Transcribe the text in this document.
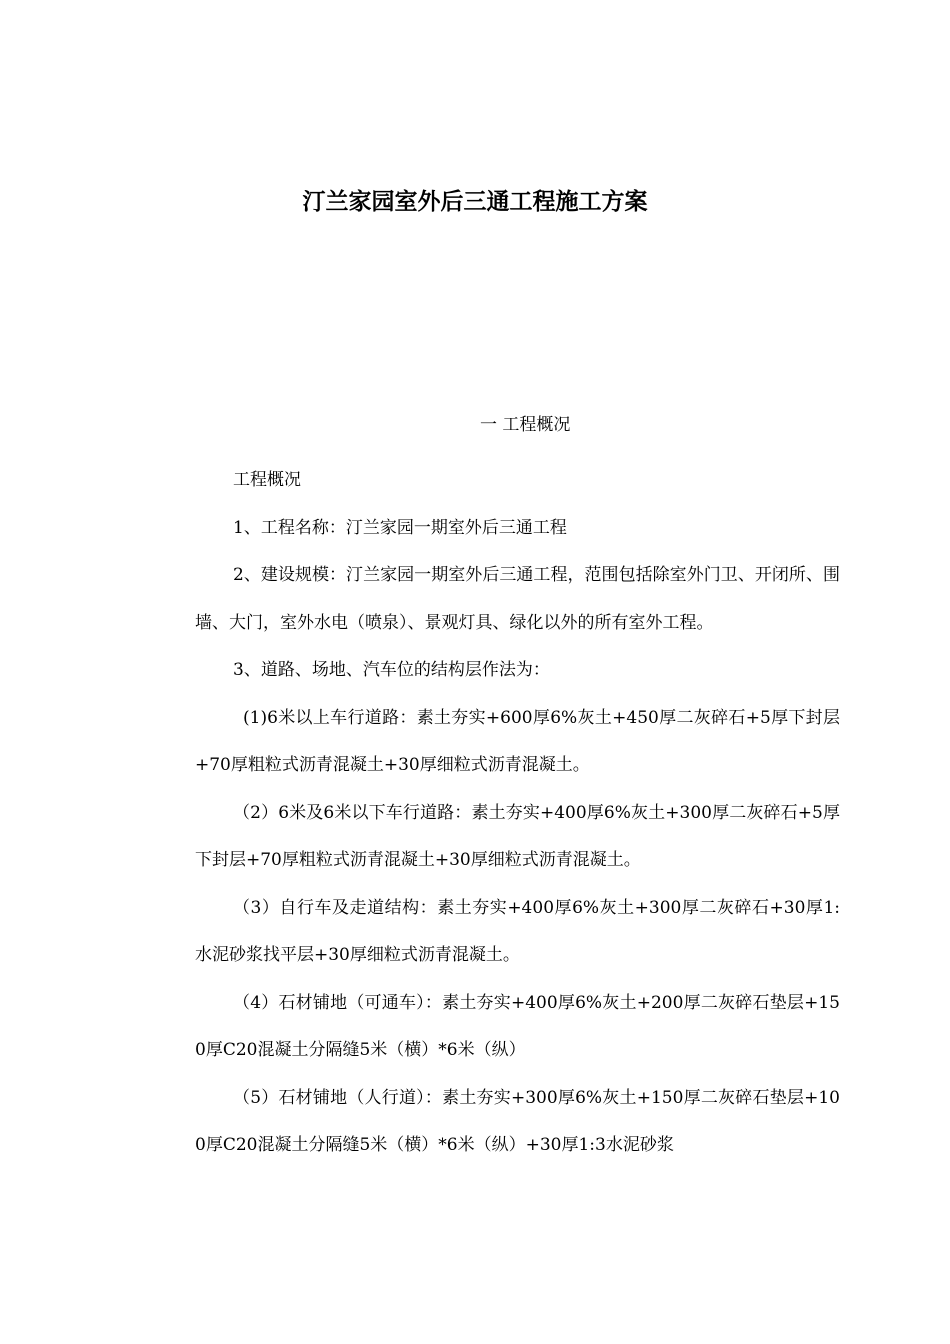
汀兰家园室外后三通工程施工方案
一 工程概况

工程概况

1、工程名称：汀兰家园一期室外后三通工程

2、建设规模：汀兰家园一期室外后三通工程，范围包括除室外门卫、开闭所、围墙、大门，室外水电（喷泉）、景观灯具、绿化以外的所有室外工程。

3、道路、场地、汽车位的结构层作法为：

(1)6米以上车行道路：素土夯实+600厚6%灰土+450厚二灰碎石+5厚下封层+70厚粗粒式沥青混凝土+30厚细粒式沥青混凝土。

（2）6米及6米以下车行道路：素土夯实+400厚6%灰土+300厚二灰碎石+5厚下封层+70厚粗粒式沥青混凝土+30厚细粒式沥青混凝土。

（3）自行车及走道结构：素土夯实+400厚6%灰土+300厚二灰碎石+30厚1:水泥砂浆找平层+30厚细粒式沥青混凝土。

（4）石材铺地（可通车）：素土夯实+400厚6%灰土+200厚二灰碎石垫层+150厚C20混凝土分隔缝5米（横）*6米（纵）

（5）石材铺地（人行道）：素土夯实+300厚6%灰土+150厚二灰碎石垫层+100厚C20混凝土分隔缝5米（横）*6米（纵）+30厚1:3水泥砂浆
